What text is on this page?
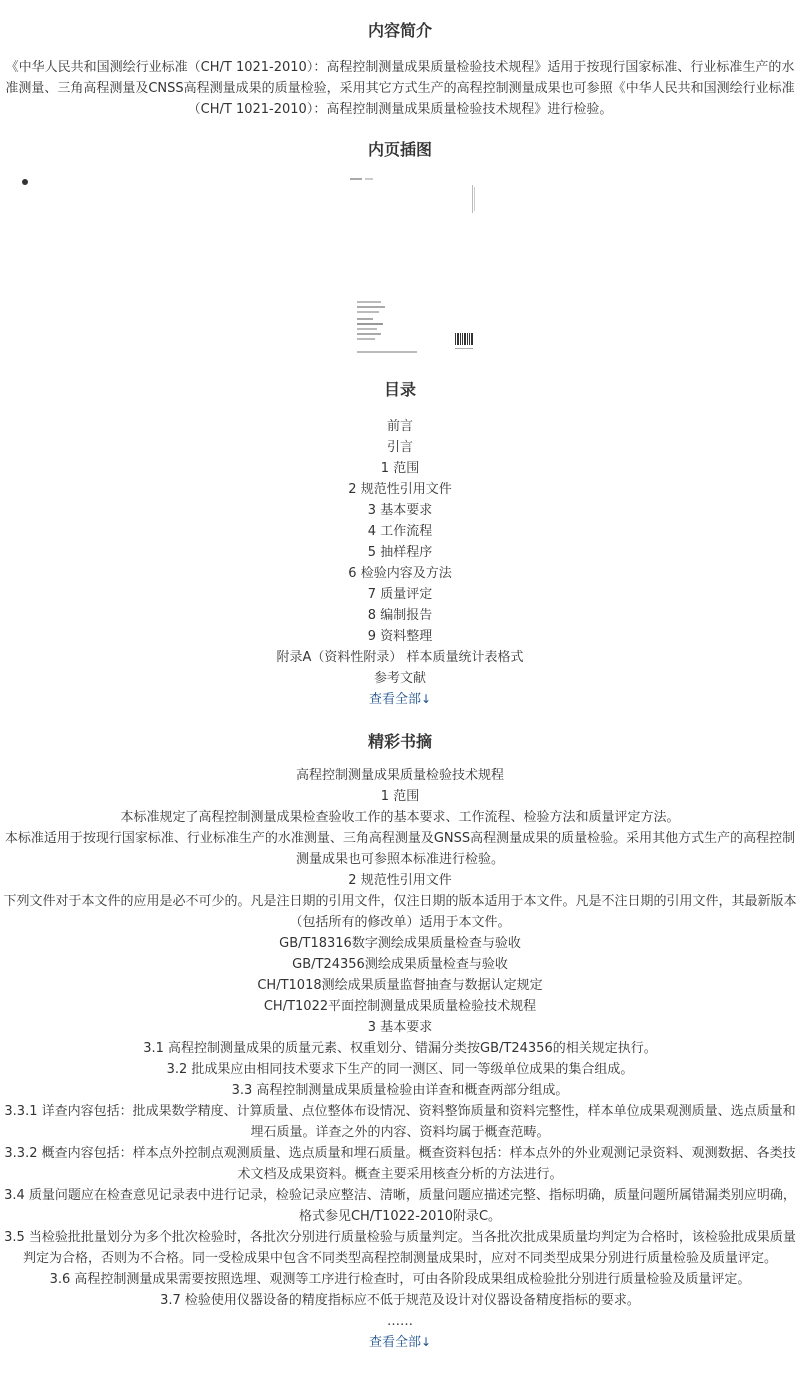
内容简介

《中华人民共和国测绘行业标准（CH/T 1021-2010）：高程控制测量成果质量检验技术规程》适用于按现行国家标准、行业标准生产的水准测量、三角高程测量及CNSS高程测量成果的质量检验，采用其它方式生产的高程控制测量成果也可参照《中华人民共和国测绘行业标准（CH/T 1021-2010）：高程控制测量成果质量检验技术规程》进行检验。

内页插图
目录
前言
引言
1 范围
2 规范性引用文件
3 基本要求
4 工作流程
5 抽样程序
6 检验内容及方法
7 质量评定
8 编制报告
9 资料整理
附录A（资料性附录） 样本质量统计表格式
参考文献
查看全部↓
精彩书摘

高程控制测量成果质量检验技术规程

1 范围

本标准规定了高程控制测量成果检查验收工作的基本要求、工作流程、检验方法和质量评定方法。

本标准适用于按现行国家标准、行业标准生产的水准测量、三角高程测量及GNSS高程测量成果的质量检验。采用其他方式生产的高程控制测量成果也可参照本标准进行检验。

2 规范性引用文件

下列文件对于本文件的应用是必不可少的。凡是注日期的引用文件，仅注日期的版本适用于本文件。凡是不注日期的引用文件，其最新版本（包括所有的修改单）适用于本文件。

GB/T18316数字测绘成果质量检查与验收

GB/T24356测绘成果质量检查与验收

CH/T1018测绘成果质量监督抽查与数据认定规定

CH/T1022平面控制测量成果质量检验技术规程

3 基本要求

3.1 高程控制测量成果的质量元素、权重划分、错漏分类按GB/T24356的相关规定执行。

3.2 批成果应由相同技术要求下生产的同一测区、同一等级单位成果的集合组成。

3.3 高程控制测量成果质量检验由详查和概查两部分组成。

3.3.1 详查内容包括：批成果数学精度、计算质量、点位整体布设情况、资料整饰质量和资料完整性，样本单位成果观测质量、选点质量和埋石质量。详查之外的内容、资料均属于概查范畴。

3.3.2 概查内容包括：样本点外控制点观测质量、选点质量和埋石质量。概查资料包括：样本点外的外业观测记录资料、观测数据、各类技术文档及成果资料。概查主要采用核查分析的方法进行。

3.4 质量问题应在检查意见记录表中进行记录，检验记录应整洁、清晰，质量问题应描述完整、指标明确，质量问题所属错漏类别应明确，格式参见CH/T1022-2010附录C。

3.5 当检验批批量划分为多个批次检验时，各批次分别进行质量检验与质量判定。当各批次批成果质量均判定为合格时，该检验批成果质量判定为合格，否则为不合格。同一受检成果中包含不同类型高程控制测量成果时，应对不同类型成果分别进行质量检验及质量评定。

3.6 高程控制测量成果需要按照选埋、观测等工序进行检查时，可由各阶段成果组成检验批分别进行质量检验及质量评定。

3.7 检验使用仪器设备的精度指标应不低于规范及设计对仪器设备精度指标的要求。

……

查看全部↓
